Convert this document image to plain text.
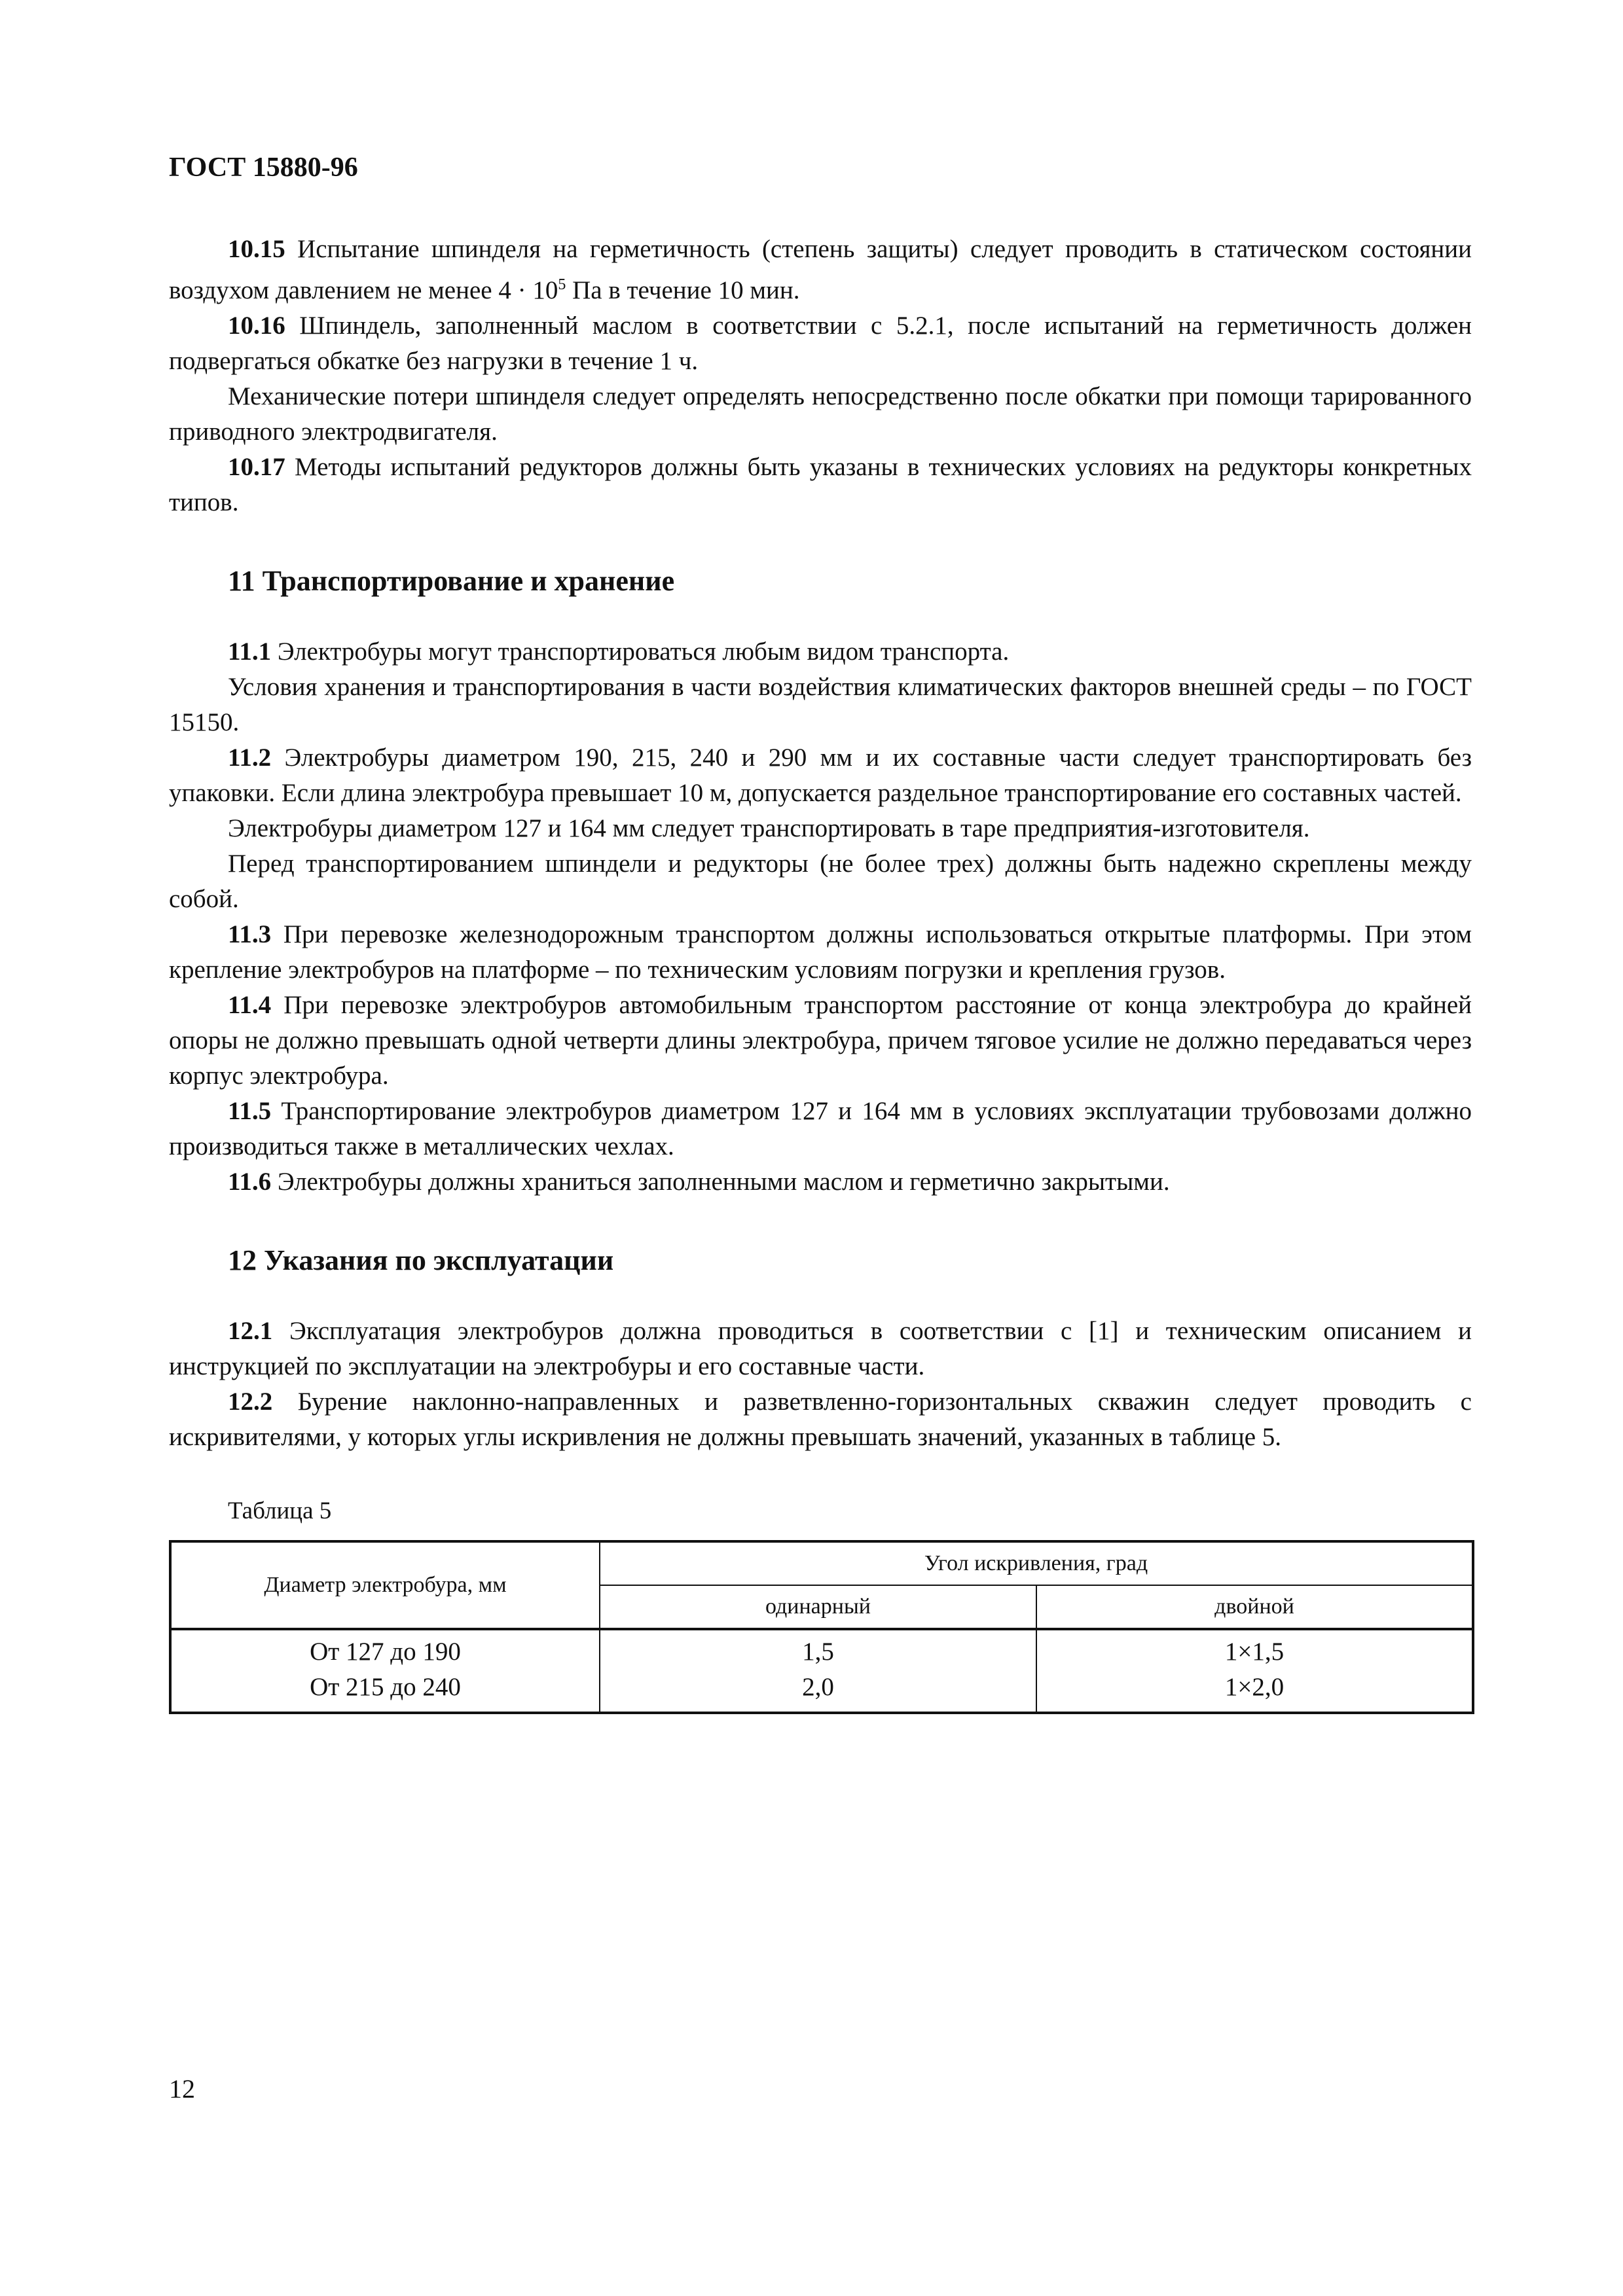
ГОСТ 15880-96

10.15 Испытание шпинделя на герметичность (степень защиты) следует проводить в статическом состоянии воздухом давлением не менее $4 \cdot 10^5$ Па в течение 10 мин.

10.16 Шпиндель, заполненный маслом в соответствии с 5.2.1, после испытаний на герметичность должен подвергаться обкатке без нагрузки в течение 1 ч.

Механические потери шпинделя следует определять непосредственно после обкатки при помощи тарированного приводного электродвигателя.

10.17 Методы испытаний редукторов должны быть указаны в технических условиях на редукторы конкретных типов.

11 Транспортирование и хранение

11.1 Электробуры могут транспортироваться любым видом транспорта.

Условия хранения и транспортирования в части воздействия климатических факторов внешней среды – по ГОСТ 15150.

11.2 Электробуры диаметром 190, 215, 240 и 290 мм и их составные части следует транспортировать без упаковки. Если длина электробура превышает 10 м, допускается раздельное транспортирование его составных частей.

Электробуры диаметром 127 и 164 мм следует транспортировать в таре предприятия-изготовителя.

Перед транспортированием шпиндели и редукторы (не более трех) должны быть надежно скреплены между собой.

11.3 При перевозке железнодорожным транспортом должны использоваться открытые платформы. При этом крепление электробуров на платформе – по техническим условиям погрузки и крепления грузов.

11.4 При перевозке электробуров автомобильным транспортом расстояние от конца электробура до крайней опоры не должно превышать одной четверти длины электробура, причем тяговое усилие не должно передаваться через корпус электробура.

11.5 Транспортирование электробуров диаметром 127 и 164 мм в условиях эксплуатации трубовозами должно производиться также в металлических чехлах.

11.6 Электробуры должны храниться заполненными маслом и герметично закрытыми.

12 Указания по эксплуатации

12.1 Эксплуатация электробуров должна проводиться в соответствии с [1] и техническим описанием и инструкцией по эксплуатации на электробуры и его составные части.

12.2 Бурение наклонно-направленных и разветвленно-горизонтальных скважин следует проводить с искривителями, у которых углы искривления не должны превышать значений, указанных в таблице 5.

Таблица 5
Диаметр электробура, мм	Угол искривления, град	
	одинарный	двойной
От 127 до 190	1,5	1×1,5
От 215 до 240	2,0	1×2,0
12
